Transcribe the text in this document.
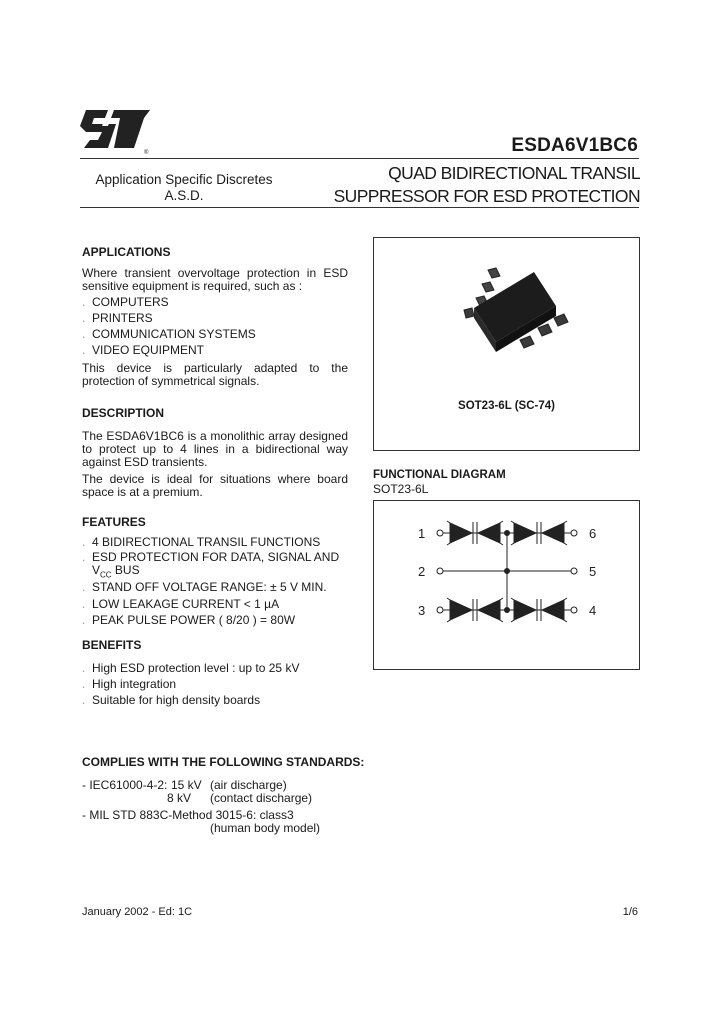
®	ESDA6V1BC6
Application Specific Discretes
A.S.D.
QUAD BIDIRECTIONAL TRANSIL
SUPPRESSOR FOR ESD PROTECTION
APPLICATIONS
Where transient overvoltage protection in ESD sensitive equipment is required, such as :
. COMPUTERS
. PRINTERS
. COMMUNICATION SYSTEMS
. VIDEO EQUIPMENT
This device is particularly adapted to the protection of symmetrical signals.
DESCRIPTION
The ESDA6V1BC6 is a monolithic array designed to protect up to 4 lines in a bidirectional way against ESD transients.
The device is ideal for situations where board space is at a premium.
FEATURES
. 4 BIDIRECTIONAL TRANSIL FUNCTIONS
. ESD PROTECTION FOR DATA, SIGNAL AND
$V_{CC}$ BUS
. STAND OFF VOLTAGE RANGE: ± 5 V MIN.
. LOW LEAKAGE CURRENT < 1 µA
. PEAK PULSE POWER ( 8/20 ) = 80W
BENEFITS
. High ESD protection level : up to 25 kV
. High integration
. Suitable for high density boards
COMPLIES WITH THE FOLLOWING STANDARDS:
- IEC61000-4-2: 15 kV (air discharge)
8 kV (contact discharge)
- MIL STD 883C-Method 3015-6: class3
(human body model)
SOT23-6L (SC-74)
FUNCTIONAL DIAGRAM
SOT23-6L
1
2
3	4
5
6
January 2002 - Ed: 1C	1/6
